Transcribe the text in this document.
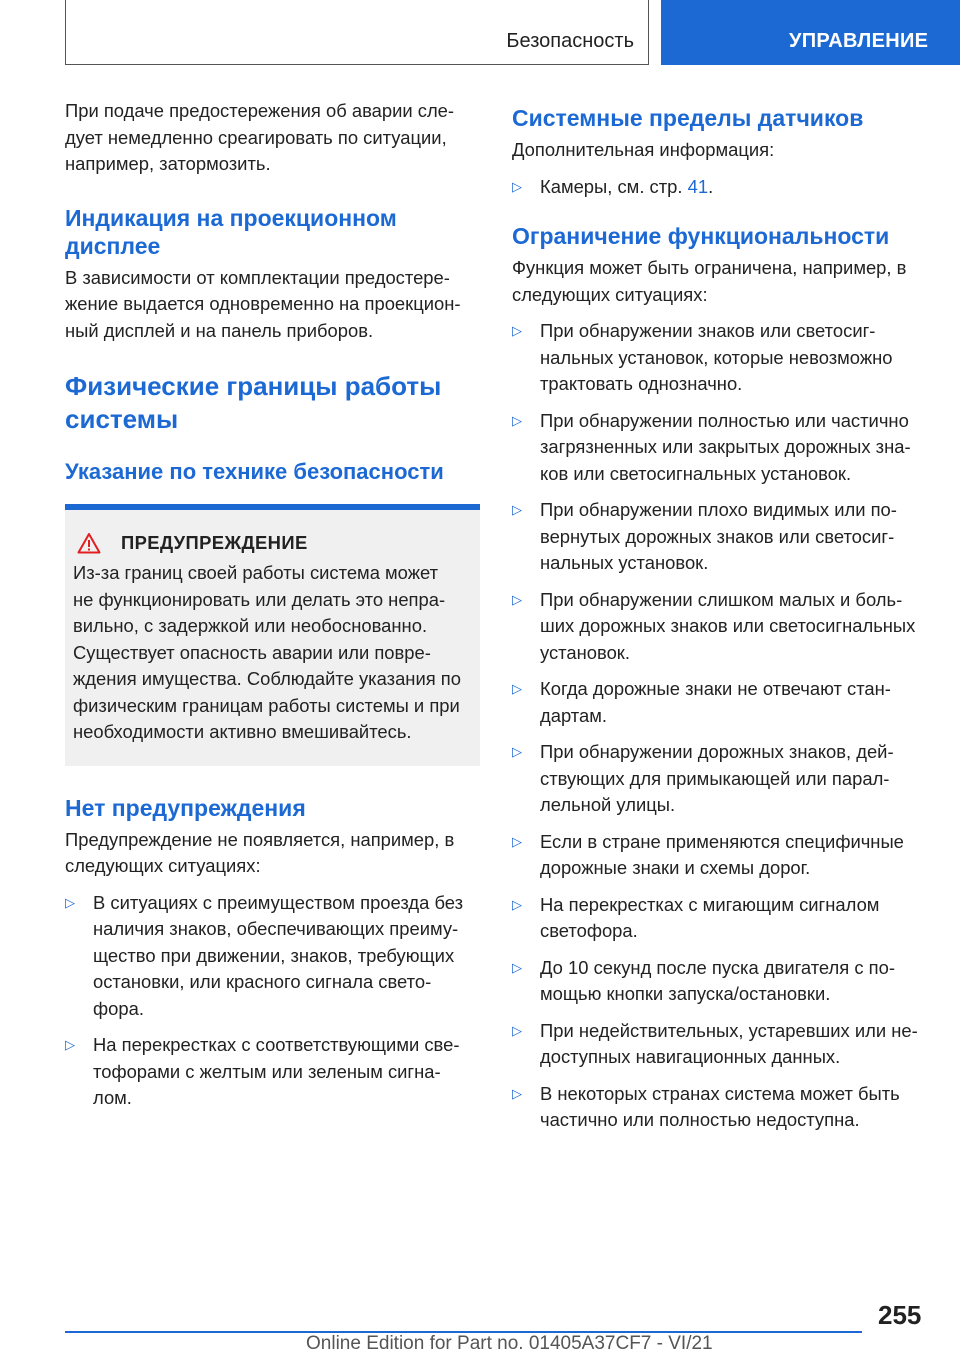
Безопасность	УПРАВЛЕНИЕ

При подаче предостережения об аварии сле-
дует немедленно среагировать по ситуации,
например, затормозить.

Индикация на проекционном
дисплее

В зависимости от комплектации предостере-
жение выдается одновременно на проекцион-
ный дисплей и на панель приборов.

Физические границы работы
системы
Указание по технике безопасности
ПРЕДУПРЕЖДЕНИЕ

Из-за границ своей работы система может
не функционировать или делать это непра-
вильно, с задержкой или необоснованно.
Существует опасность аварии или повре-
ждения имущества. Соблюдайте указания по
физическим границам работы системы и при
необходимости активно вмешивайтесь.

Нет предупреждения

Предупреждение не появляется, например, в
следующих ситуациях:

▷ В ситуациях с преимуществом проезда без
наличия знаков, обеспечивающих преиму-
щество при движении, знаков, требующих
остановки, или красного сигнала свето-
фора.
▷ На перекрестках с соответствующими све-
тофорами с желтым или зеленым сигна-
лом.
Системные пределы датчиков

Дополнительная информация:

▷ Камеры, см. стр. 41.
Ограничение функциональности

Функция может быть ограничена, например, в
следующих ситуациях:

▷ При обнаружении знаков или светосиг-
нальных установок, которые невозможно
трактовать однозначно.
▷ При обнаружении полностью или частично
загрязненных или закрытых дорожных зна-
ков или светосигнальных установок.
▷ При обнаружении плохо видимых или по-
вернутых дорожных знаков или светосиг-
нальных установок.
▷ При обнаружении слишком малых и боль-
ших дорожных знаков или светосигнальных
установок.
▷ Когда дорожные знаки не отвечают стан-
дартам.
▷ При обнаружении дорожных знаков, дей-
ствующих для примыкающей или парал-
лельной улицы.
▷ Если в стране применяются специфичные
дорожные знаки и схемы дорог.
▷ На перекрестках с мигающим сигналом
светофора.
▷ До 10 секунд после пуска двигателя с по-
мощью кнопки запуска/остановки.
▷ При недействительных, устаревших или не-
доступных навигационных данных.
▷ В некоторых странах система может быть
частично или полностью недоступна.
255
Online Edition for Part no. 01405A37CF7 - VI/21
